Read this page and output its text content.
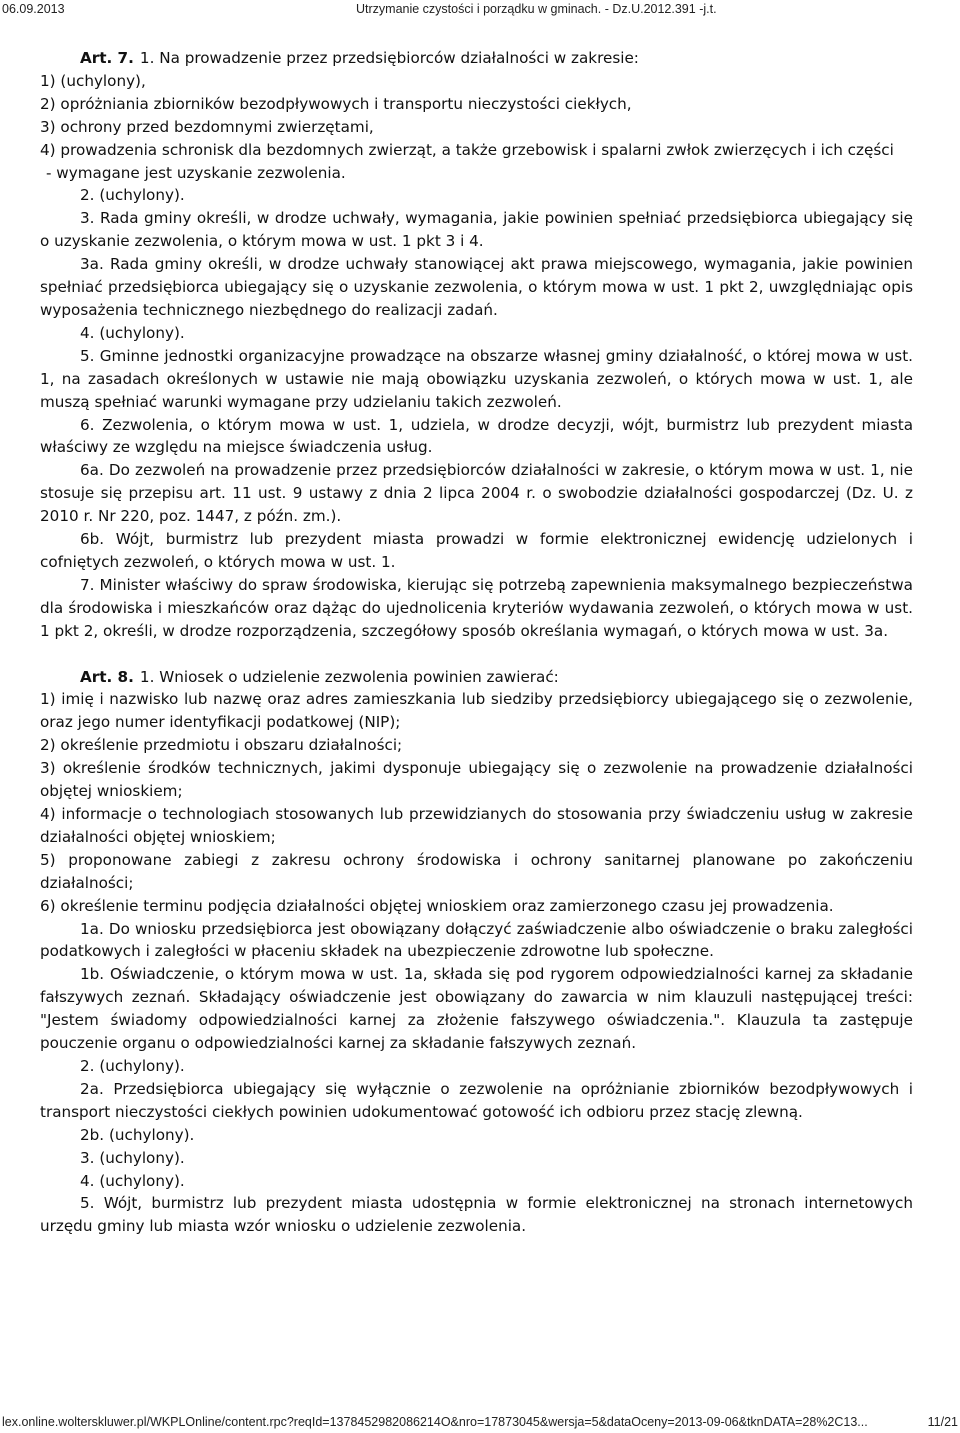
06.09.2013	Utrzymanie czystości i porządku w gminach. - Dz.U.2012.391 -j.t.

Art. 7. 1. Na prowadzenie przez przedsiębiorców działalności w zakresie:

1) (uchylony),

2) opróżniania zbiorników bezodpływowych i transportu nieczystości ciekłych,

3) ochrony przed bezdomnymi zwierzętami,

4) prowadzenia schronisk dla bezdomnych zwierząt, a także grzebowisk i spalarni zwłok zwierzęcych i ich części

- wymagane jest uzyskanie zezwolenia.

2. (uchylony).

3. Rada gminy określi, w drodze uchwały, wymagania, jakie powinien spełniać przedsiębiorca ubiegający się o uzyskanie zezwolenia, o którym mowa w ust. 1 pkt 3 i 4.

3a. Rada gminy określi, w drodze uchwały stanowiącej akt prawa miejscowego, wymagania, jakie powinien spełniać przedsiębiorca ubiegający się o uzyskanie zezwolenia, o którym mowa w ust. 1 pkt 2, uwzględniając opis wyposażenia technicznego niezbędnego do realizacji zadań.

4. (uchylony).

5. Gminne jednostki organizacyjne prowadzące na obszarze własnej gminy działalność, o której mowa w ust. 1, na zasadach określonych w ustawie nie mają obowiązku uzyskania zezwoleń, o których mowa w ust. 1, ale muszą spełniać warunki wymagane przy udzielaniu takich zezwoleń.

6. Zezwolenia, o którym mowa w ust. 1, udziela, w drodze decyzji, wójt, burmistrz lub prezydent miasta właściwy ze względu na miejsce świadczenia usług.

6a. Do zezwoleń na prowadzenie przez przedsiębiorców działalności w zakresie, o którym mowa w ust. 1, nie stosuje się przepisu art. 11 ust. 9 ustawy z dnia 2 lipca 2004 r. o swobodzie działalności gospodarczej (Dz. U. z 2010 r. Nr 220, poz. 1447, z późn. zm.).

6b. Wójt, burmistrz lub prezydent miasta prowadzi w formie elektronicznej ewidencję udzielonych i cofniętych zezwoleń, o których mowa w ust. 1.

7. Minister właściwy do spraw środowiska, kierując się potrzebą zapewnienia maksymalnego bezpieczeństwa dla środowiska i mieszkańców oraz dążąc do ujednolicenia kryteriów wydawania zezwoleń, o których mowa w ust. 1 pkt 2, określi, w drodze rozporządzenia, szczegółowy sposób określania wymagań, o których mowa w ust. 3a.

Art. 8. 1. Wniosek o udzielenie zezwolenia powinien zawierać:

1) imię i nazwisko lub nazwę oraz adres zamieszkania lub siedziby przedsiębiorcy ubiegającego się o zezwolenie, oraz jego numer identyfikacji podatkowej (NIP);

2) określenie przedmiotu i obszaru działalności;

3) określenie środków technicznych, jakimi dysponuje ubiegający się o zezwolenie na prowadzenie działalności objętej wnioskiem;

4) informacje o technologiach stosowanych lub przewidzianych do stosowania przy świadczeniu usług w zakresie działalności objętej wnioskiem;

5) proponowane zabiegi z zakresu ochrony środowiska i ochrony sanitarnej planowane po zakończeniu działalności;

6) określenie terminu podjęcia działalności objętej wnioskiem oraz zamierzonego czasu jej prowadzenia.

1a. Do wniosku przedsiębiorca jest obowiązany dołączyć zaświadczenie albo oświadczenie o braku zaległości podatkowych i zaległości w płaceniu składek na ubezpieczenie zdrowotne lub społeczne.

1b. Oświadczenie, o którym mowa w ust. 1a, składa się pod rygorem odpowiedzialności karnej za składanie fałszywych zeznań. Składający oświadczenie jest obowiązany do zawarcia w nim klauzuli następującej treści: "Jestem świadomy odpowiedzialności karnej za złożenie fałszywego oświadczenia.". Klauzula ta zastępuje pouczenie organu o odpowiedzialności karnej za składanie fałszywych zeznań.

2. (uchylony).

2a. Przedsiębiorca ubiegający się wyłącznie o zezwolenie na opróżnianie zbiorników bezodpływowych i transport nieczystości ciekłych powinien udokumentować gotowość ich odbioru przez stację zlewną.

2b. (uchylony).

3. (uchylony).

4. (uchylony).

5. Wójt, burmistrz lub prezydent miasta udostępnia w formie elektronicznej na stronach internetowych urzędu gminy lub miasta wzór wniosku o udzielenie zezwolenia.

lex.online.wolterskluwer.pl/WKPLOnline/content.rpc?reqId=1378452982086214O&nro=17873045&wersja=5&dataOceny=2013-09-06&tknDATA=28%2C13...	11/21
